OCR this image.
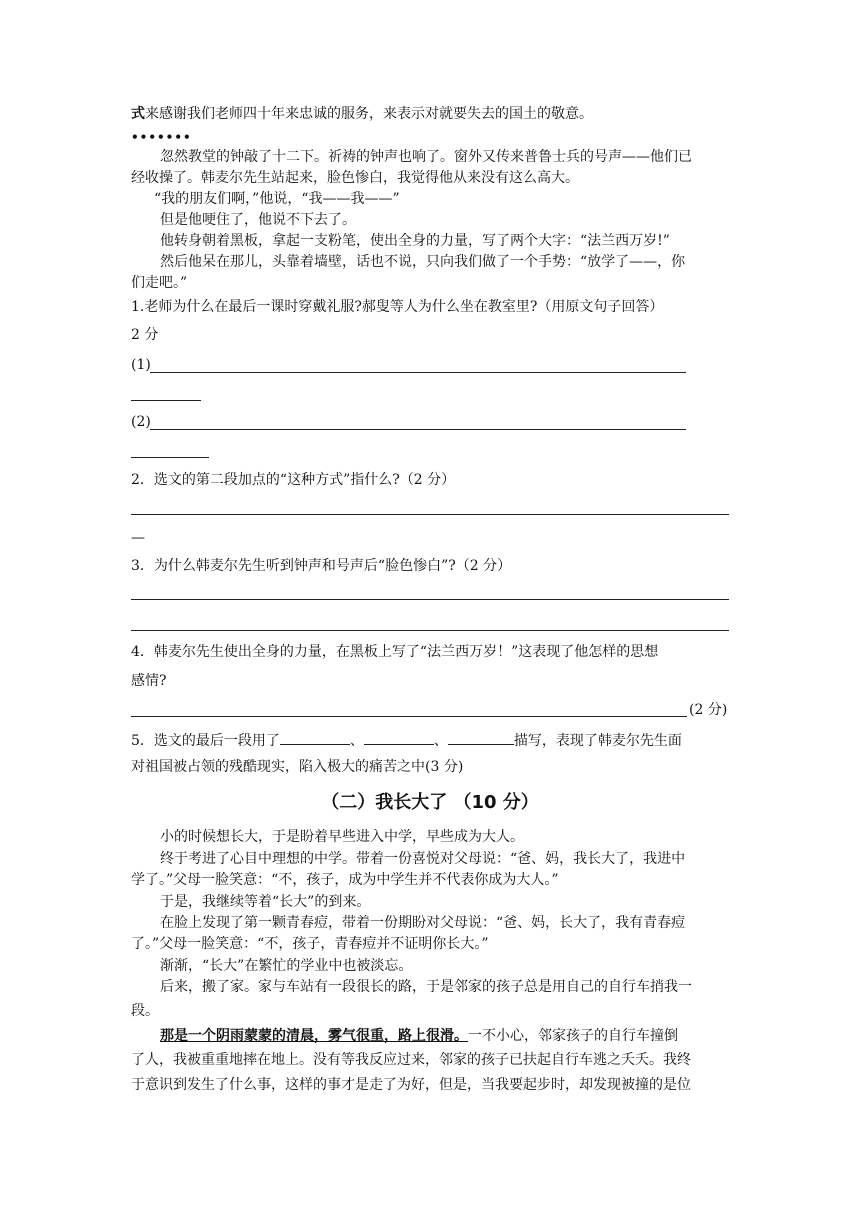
式来感谢我们老师四十年来忠诚的服务，来表示对就要失去的国土的敬意。
•••••••
忽然教堂的钟敲了十二下。祈祷的钟声也响了。窗外又传来普鲁士兵的号声——他们已
经收操了。韩麦尔先生站起来，脸色惨白，我觉得他从来没有这么高大。
“我的朋友们啊，”他说，“我——我——”
但是他哽住了，他说不下去了。
他转身朝着黑板，拿起一支粉笔，使出全身的力量，写了两个大字：“法兰西万岁!”
然后他呆在那儿，头靠着墙壁，话也不说，只向我们做了一个手势：“放学了——，你
们走吧。”
1.老师为什么在最后一课时穿戴礼服?郝叟等人为什么坐在教室里?（用原文句子回答）
2 分
(1)
(2)
2．选文的第二段加点的“这种方式”指什么?（2 分）
—
3．为什么韩麦尔先生听到钟声和号声后“脸色惨白”?（2 分）
4．韩麦尔先生使出全身的力量，在黑板上写了“法兰西万岁！”这表现了他怎样的思想
感情?
(2 分)
5．选文的最后一段用了	、	、	描写，表现了韩麦尔先生面
对祖国被占领的残酷现实，陷入极大的痛苦之中(3 分)
（二）我长大了 （10 分）
小的时候想长大，于是盼着早些进入中学，早些成为大人。
终于考进了心目中理想的中学。带着一份喜悦对父母说：“爸、妈，我长大了，我进中
学了。”父母一脸笑意：“不，孩子，成为中学生并不代表你成为大人。”
于是，我继续等着“长大”的到来。
在脸上发现了第一颗青春痘，带着一份期盼对父母说：“爸、妈，长大了，我有青春痘
了。”父母一脸笑意：“不，孩子，青春痘并不证明你长大。”
渐渐，“长大”在繁忙的学业中也被淡忘。
后来，搬了家。家与车站有一段很长的路，于是邻家的孩子总是用自己的自行车捎我一
段。
那是一个阴雨蒙蒙的清晨，雾气很重，路上很滑。一不小心，邻家孩子的自行车撞倒
了人，我被重重地摔在地上。没有等我反应过来，邻家的孩子已扶起自行车逃之夭夭。我终
于意识到发生了什么事，这样的事才是走了为好，但是，当我要起步时，却发现被撞的是位
